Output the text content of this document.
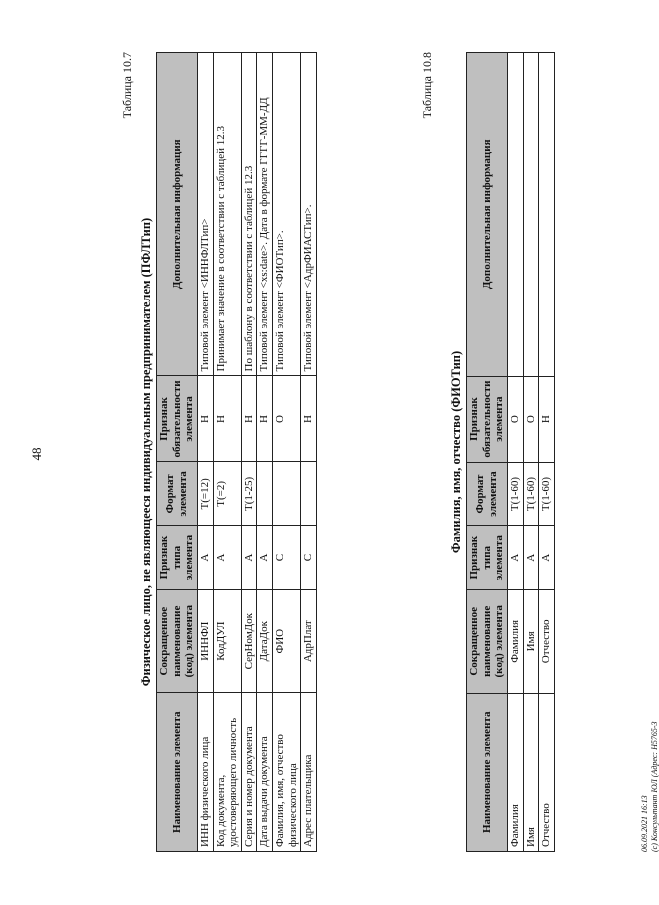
48
Таблица 10.7
Физическое лицо, не являющееся индивидуальным предпринимателем (ПФЛТип)
Наименование элемента	Сокращенное наименование (код) элемента	Признак типа элемента	Формат элемента	Признак обязательности элемента	Дополнительная информация
ИНН физического лица	ИННФЛ	А	T(=12)	Н	Типовой элемент <ИННФЛТип>
Код документа, удостоверяющего личность	КодДУЛ	А	T(=2)	Н	Принимает значение в соответствии с таблицей 12.3
Серия и номер документа	СерНомДок	А	T(1-25)	Н	По шаблону в соответствии с таблицей 12.3
Дата выдачи документа	ДатаДок	А		Н	Типовой элемент <xs:date>. Дата в формате ГГГГ-ММ-ДД
Фамилия, имя, отчество физического лица	ФИО	С		О	Типовой элемент <ФИОТип>.
Адрес плательщика	АдрПлат	С		Н	Типовой элемент <АдрФИАСТип>.
Таблица 10.8
Фамилия, имя, отчество (ФИОТип)
Наименование элемента	Сокращенное наименование (код) элемента	Признак типа элемента	Формат элемента	Признак обязательности элемента	Дополнительная информация
Фамилия	Фамилия	А	T(1-60)	О	
Имя	Имя	А	T(1-60)	О	
Отчество	Отчество	А	T(1-60)	Н	
06.09.2021 16:13 (c) Консультант ЮЛ (Aдрес: Н5765-3
